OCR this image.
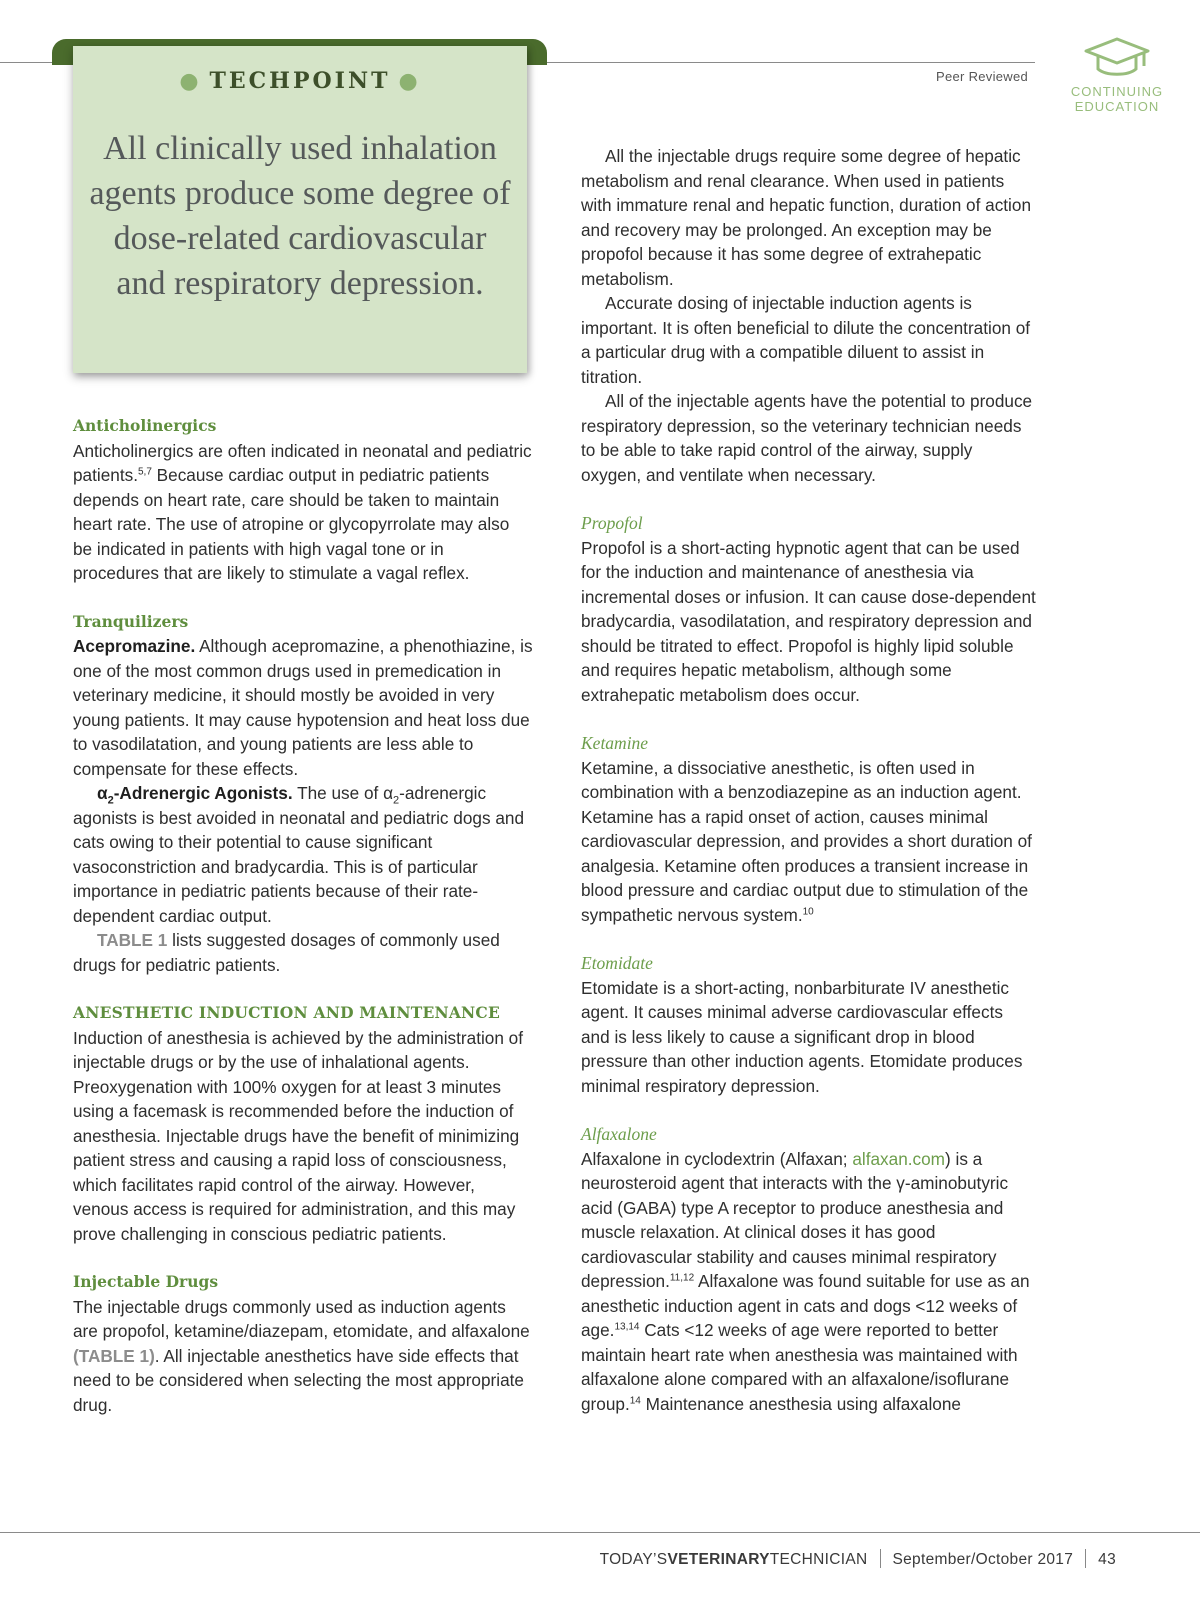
● TECHPOINT ●
All clinically used inhalation agents produce some degree of dose-related cardiovascular and respiratory depression.
Peer Reviewed
CONTINUING
EDUCATION
Anticholinergics

Anticholinergics are often indicated in neonatal and pediatric patients.$^{5,7}$ Because cardiac output in pediatric patients depends on heart rate, care should be taken to maintain heart rate. The use of atropine or glycopyrrolate may also be indicated in patients with high vagal tone or in procedures that are likely to stimulate a vagal reflex.

Tranquilizers

Acepromazine. Although acepromazine, a phenothiazine, is one of the most common drugs used in premedication in veterinary medicine, it should mostly be avoided in very young patients. It may cause hypotension and heat loss due to vasodilatation, and young patients are less able to compensate for these effects.

$\alpha_2$-Adrenergic Agonists. The use of $\alpha_2$-adrenergic agonists is best avoided in neonatal and pediatric dogs and cats owing to their potential to cause significant vasoconstriction and bradycardia. This is of particular importance in pediatric patients because of their rate-dependent cardiac output.

TABLE 1 lists suggested dosages of commonly used drugs for pediatric patients.

ANESTHETIC INDUCTION AND MAINTENANCE

Induction of anesthesia is achieved by the administration of injectable drugs or by the use of inhalational agents. Preoxygenation with 100% oxygen for at least 3 minutes using a facemask is recommended before the induction of anesthesia. Injectable drugs have the benefit of minimizing patient stress and causing a rapid loss of consciousness, which facilitates rapid control of the airway. However, venous access is required for administration, and this may prove challenging in conscious pediatric patients.

Injectable Drugs

The injectable drugs commonly used as induction agents are propofol, ketamine/diazepam, etomidate, and alfaxalone (TABLE 1). All injectable anesthetics have side effects that need to be considered when selecting the most appropriate drug.

All the injectable drugs require some degree of hepatic metabolism and renal clearance. When used in patients with immature renal and hepatic function, duration of action and recovery may be prolonged. An exception may be propofol because it has some degree of extrahepatic metabolism.

Accurate dosing of injectable induction agents is important. It is often beneficial to dilute the concentration of a particular drug with a compatible diluent to assist in titration.

All of the injectable agents have the potential to produce respiratory depression, so the veterinary technician needs to be able to take rapid control of the airway, supply oxygen, and ventilate when necessary.

Propofol

Propofol is a short-acting hypnotic agent that can be used for the induction and maintenance of anesthesia via incremental doses or infusion. It can cause dose-dependent bradycardia, vasodilatation, and respiratory depression and should be titrated to effect. Propofol is highly lipid soluble and requires hepatic metabolism, although some extrahepatic metabolism does occur.

Ketamine

Ketamine, a dissociative anesthetic, is often used in combination with a benzodiazepine as an induction agent. Ketamine has a rapid onset of action, causes minimal cardiovascular depression, and provides a short duration of analgesia. Ketamine often produces a transient increase in blood pressure and cardiac output due to stimulation of the sympathetic nervous system.$^{10}$

Etomidate

Etomidate is a short-acting, nonbarbiturate IV anesthetic agent. It causes minimal adverse cardiovascular effects and is less likely to cause a significant drop in blood pressure than other induction agents. Etomidate produces minimal respiratory depression.

Alfaxalone

Alfaxalone in cyclodextrin (Alfaxan; alfaxan.com) is a neurosteroid agent that interacts with the γ-aminobutyric acid (GABA) type A receptor to produce anesthesia and muscle relaxation. At clinical doses it has good cardiovascular stability and causes minimal respiratory depression.$^{11,12}$ Alfaxalone was found suitable for use as an anesthetic induction agent in cats and dogs <12 weeks of age.$^{13,14}$ Cats <12 weeks of age were reported to better maintain heart rate when anesthesia was maintained with alfaxalone alone compared with an alfaxalone/isoflurane group.$^{14}$ Maintenance anesthesia using alfaxalone

TODAY’SVETERINARYTECHNICIAN September/October 2017 43
